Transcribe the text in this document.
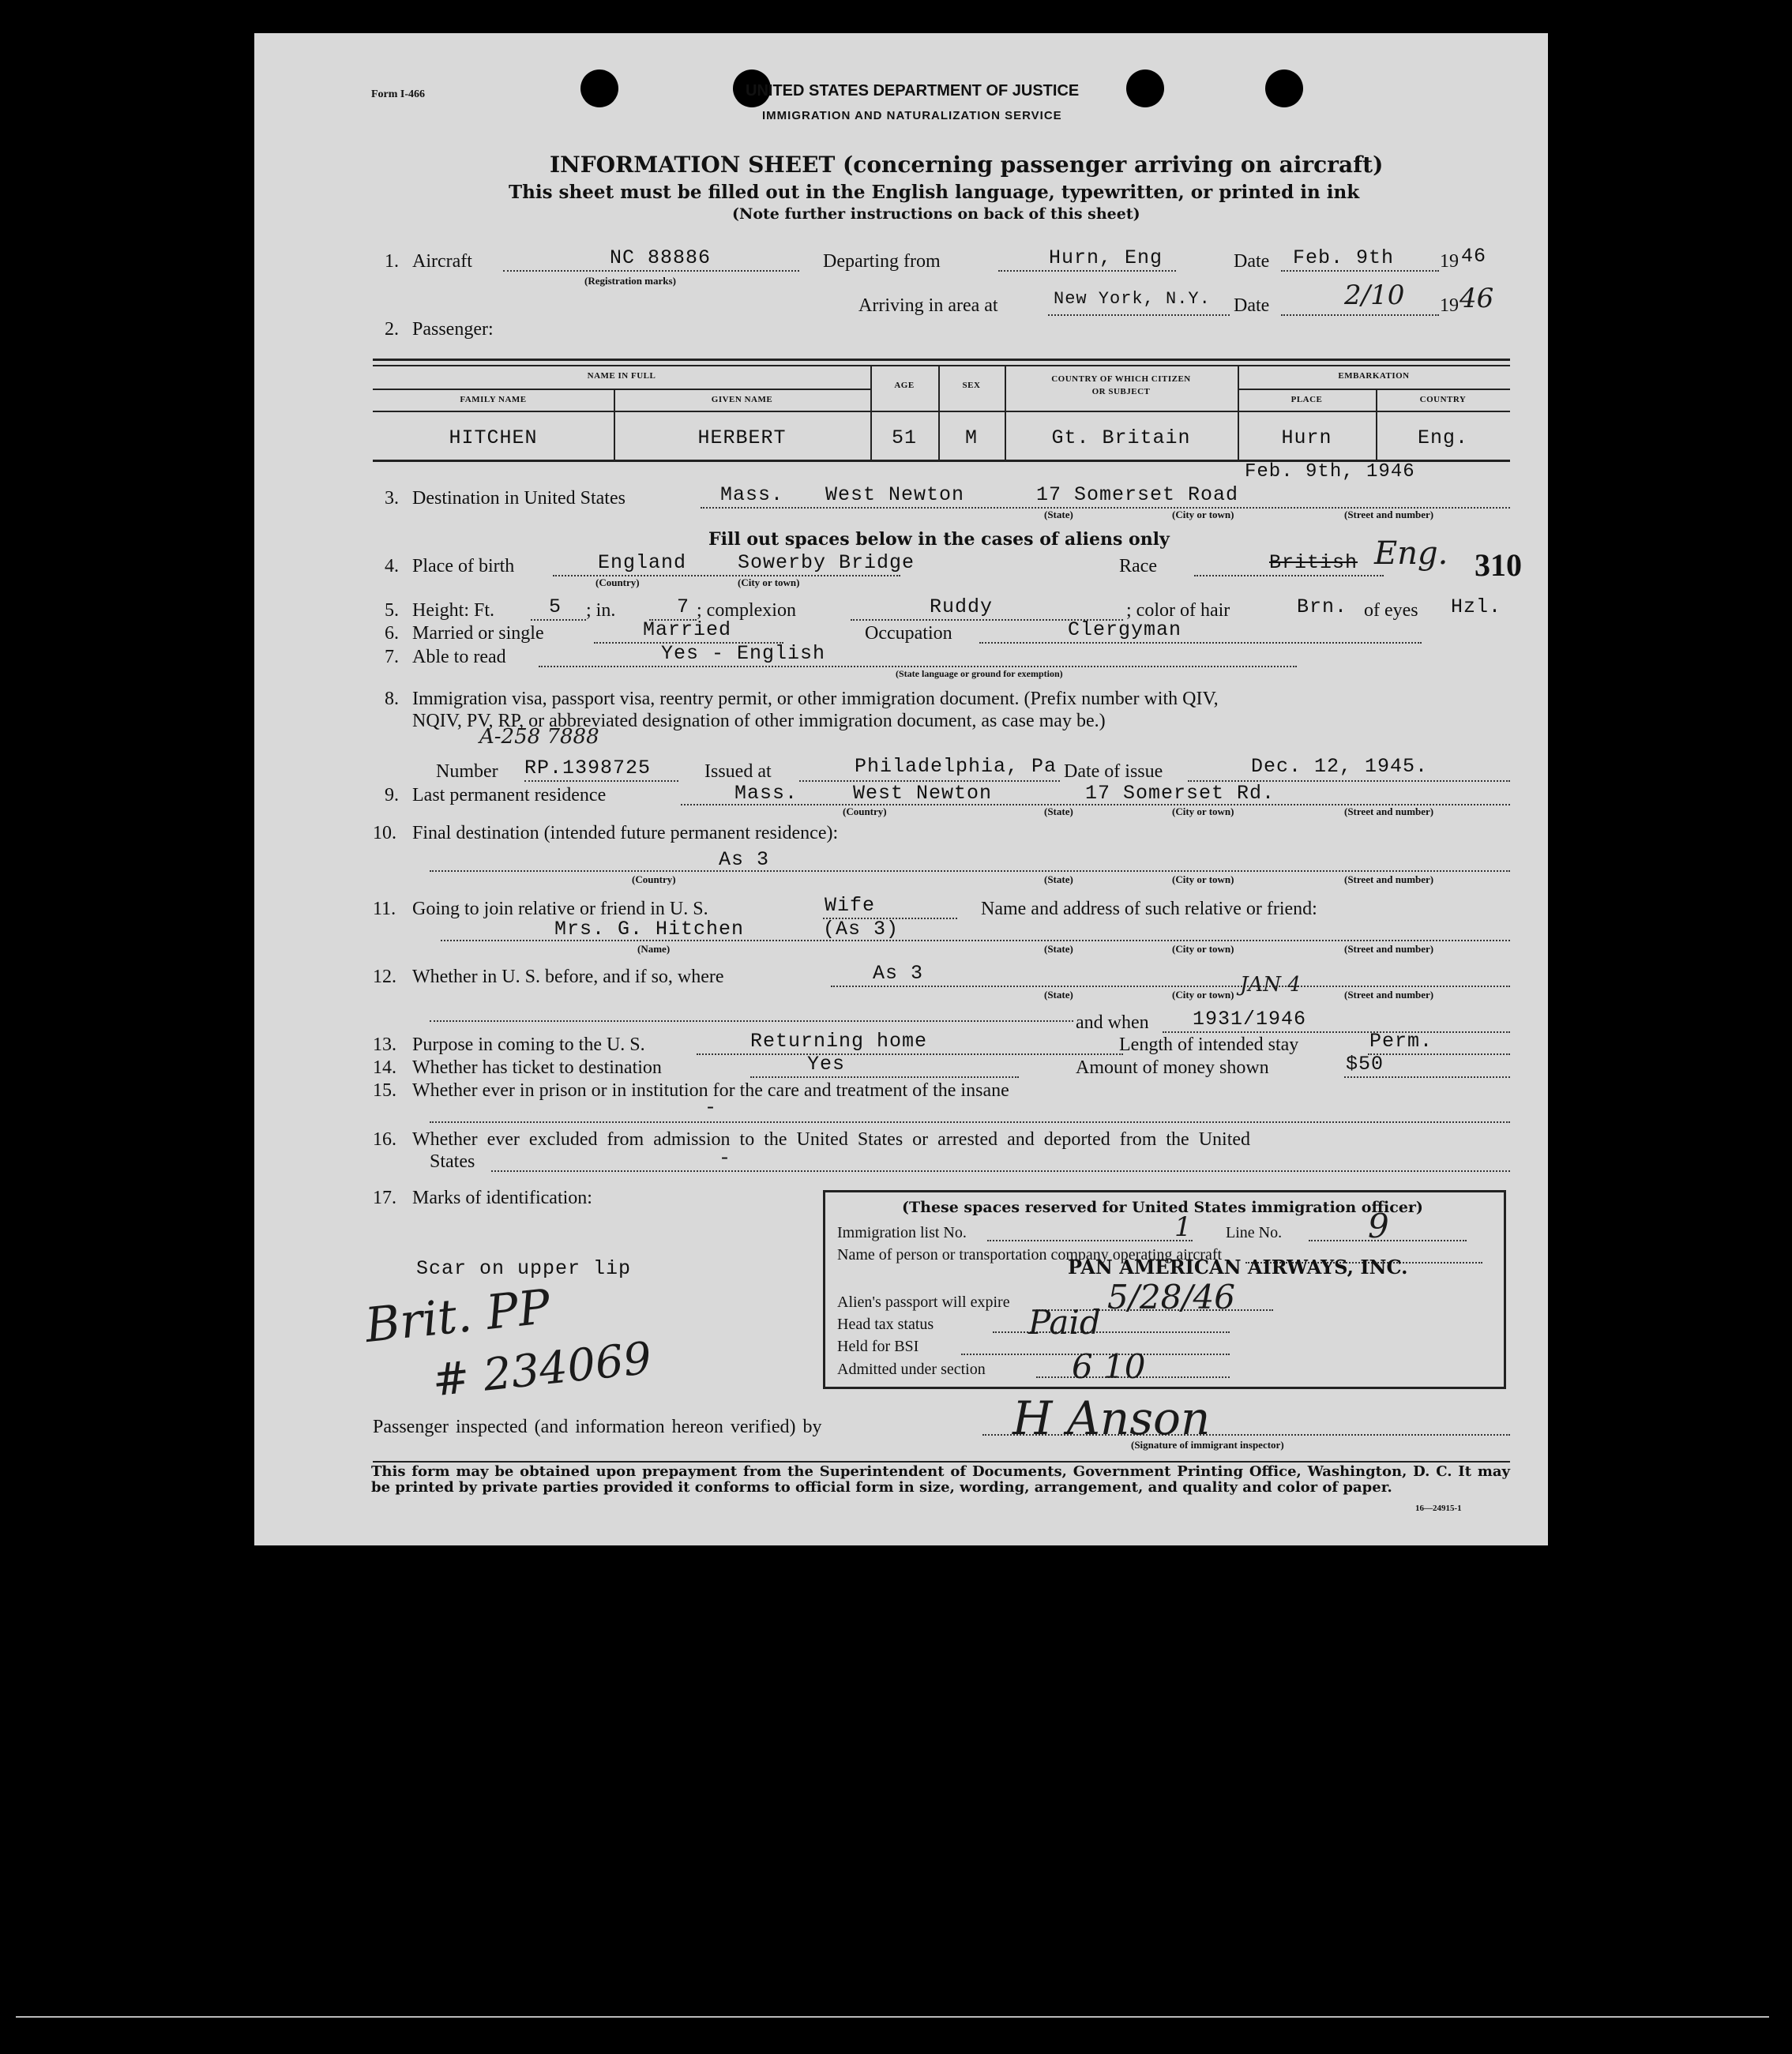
Form I-466	UNITED STATES DEPARTMENT OF JUSTICE
IMMIGRATION AND NATURALIZATION SERVICE
INFORMATION SHEET (concerning passenger arriving on aircraft)
This sheet must be filled out in the English language, typewritten, or printed in ink
(Note further instructions on back of this sheet)
1. Aircraft	NC 88886
(Registration marks)
Departing from	Hurn, Eng	Date Feb. 9th 19 46
Arriving in area at	New York, N.Y. Date	2/10 19 46
2. Passenger:
NAME IN FULL
FAMILY NAME	GIVEN NAME
AGE	SEX
COUNTRY OF WHICH CITIZEN
OR SUBJECT
EMBARKATION
PLACE	COUNTRY
HITCHEN	HERBERT	51	M	Gt. Britain	Hurn	Eng.
Feb. 9th, 1946
3. Destination in United States	Mass. West Newton	17 Somerset Road
(State)	(City or town)	(Street and number)
Fill out spaces below in the cases of aliens only
4. Place of birth	England	Sowerby Bridge
(Country)	(City or town)
Race	British Eng. 310
5. Height: Ft.	5 ; in.	7 ; complexion	Ruddy	; color of hair	Brn. of eyes Hzl.
6. Married or single	Married	Occupation	Clergyman
7. Able to read	Yes - English
(State language or ground for exemption)
8. Immigration visa, passport visa, reentry permit, or other immigration document. (Prefix number with QIV,
NQIV, PV, RP, or abbreviated designation of other immigration document, as case may be.)
A-258 7888
Number RP.1398725	Issued at	Philadelphia, Pa Date of issue	Dec. 12, 1945.
9. Last permanent residence	Mass.	West Newton	17 Somerset Rd.
(Country)	(State)	(City or town)	(Street and number)
10. Final destination (intended future permanent residence):
As 3
(Country)	(State)	(City or town)	(Street and number)
11. Going to join relative or friend in U. S.	Wife	Name and address of such relative or friend:
Mrs. G. Hitchen	(As 3)
(Name)	(State)	(City or town)	(Street and number)
12. Whether in U. S. before, and if so, where	As 3
(State)	(City or town)	(Street and number)
JAN 4
and when 1931/1946
13. Purpose in coming to the U. S.	Returning home	Length of intended stay	Perm.
14. Whether has ticket to destination	Yes	Amount of money shown	$50
15. Whether ever in prison or in institution for the care and treatment of the insane
-
16. Whether ever excluded from admission to the United States or arrested and deported from the United
States	-
17. Marks of identification:
Scar on upper lip
Brit. PP
# 234069
(These spaces reserved for United States immigration officer)
Immigration list No.	1 Line No.	9
Name of person or transportation company operating aircraft
PAN AMERICAN AIRWAYS, INC.
Alien's passport will expire	5/28/46
Head tax status	Paid
Held for BSI
Admitted under section	6 10
Passenger inspected (and information hereon verified) by	H Anson
(Signature of immigrant inspector)
This form may be obtained upon prepayment from the Superintendent of Documents, Government Printing Office, Washington, D. C. It may be printed by private parties provided it conforms to official form in size, wording, arrangement, and quality and color of paper.
16—24915-1
